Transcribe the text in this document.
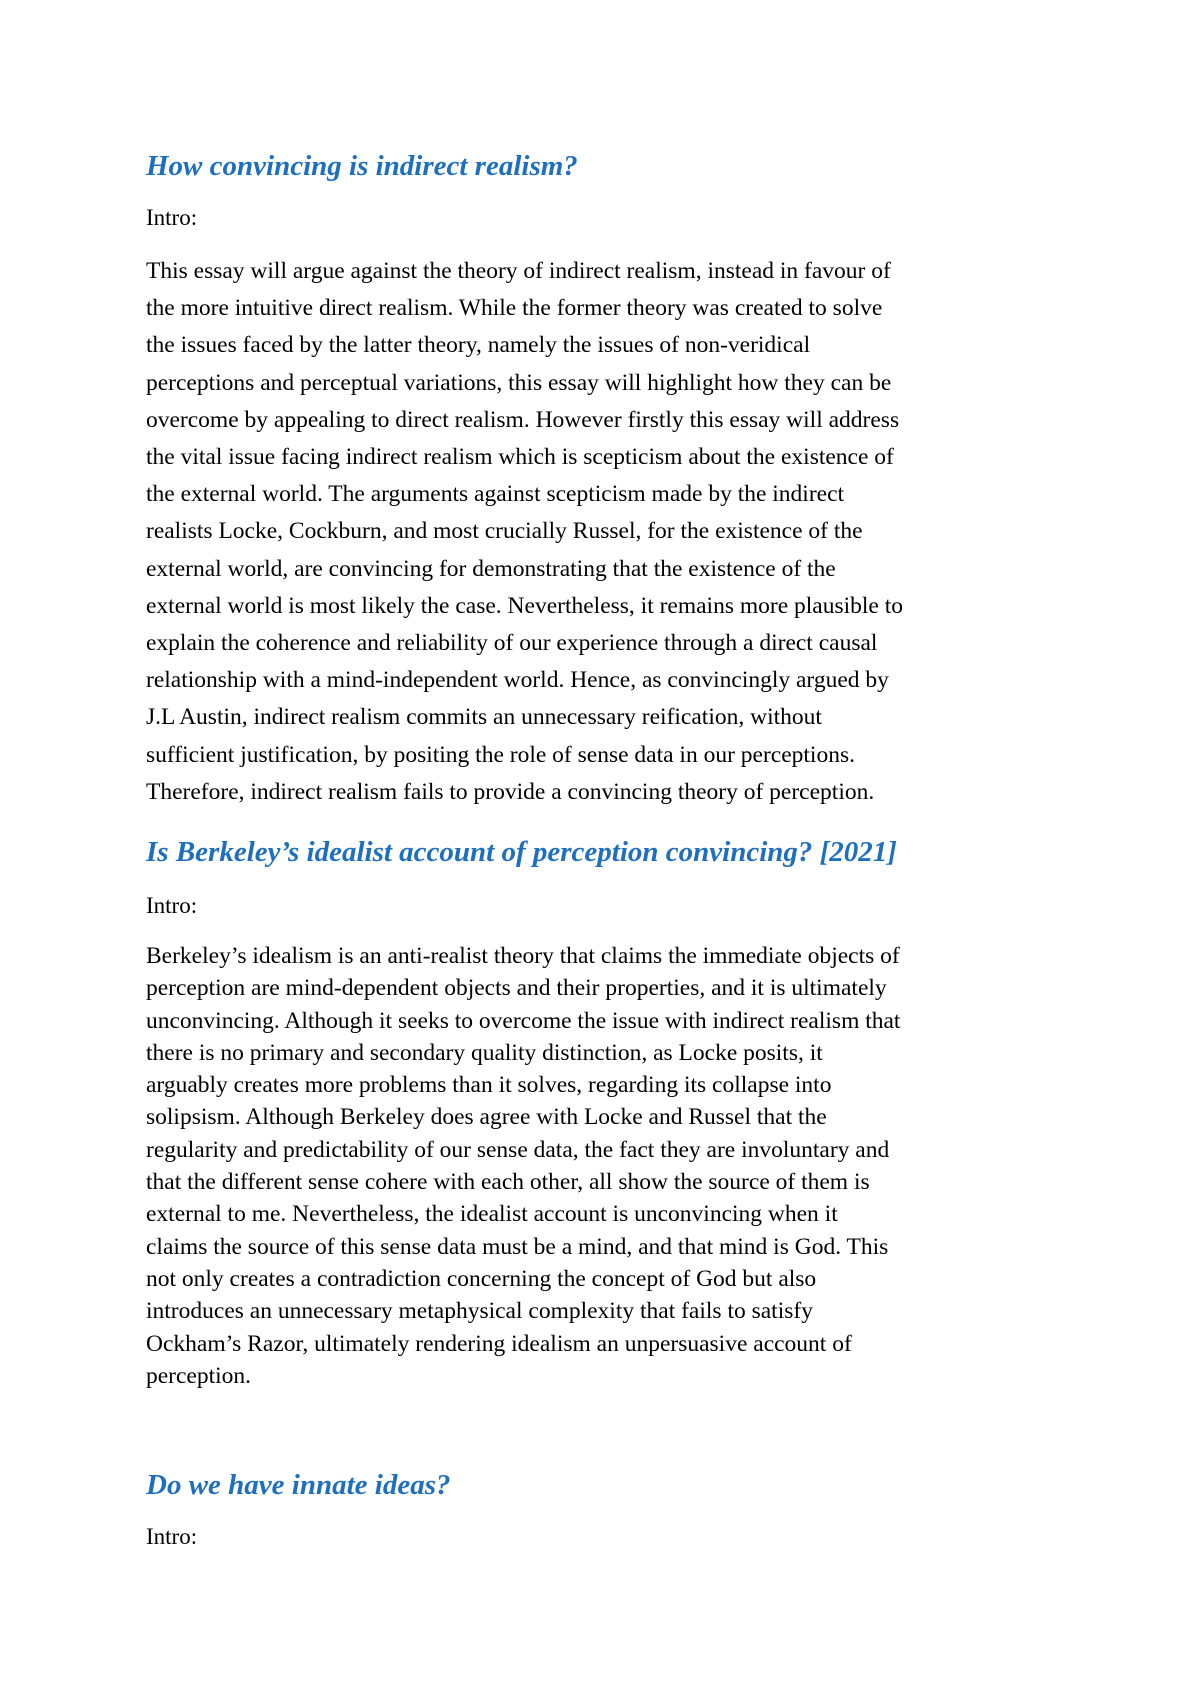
How convincing is indirect realism?

Intro:

This essay will argue against the theory of indirect realism, instead in favour of
the more intuitive direct realism. While the former theory was created to solve
the issues faced by the latter theory, namely the issues of non-veridical
perceptions and perceptual variations, this essay will highlight how they can be
overcome by appealing to direct realism. However firstly this essay will address
the vital issue facing indirect realism which is scepticism about the existence of
the external world. The arguments against scepticism made by the indirect
realists Locke, Cockburn, and most crucially Russel, for the existence of the
external world, are convincing for demonstrating that the existence of the
external world is most likely the case. Nevertheless, it remains more plausible to
explain the coherence and reliability of our experience through a direct causal
relationship with a mind-independent world. Hence, as convincingly argued by
J.L Austin, indirect realism commits an unnecessary reification, without
sufficient justification, by positing the role of sense data in our perceptions.
Therefore, indirect realism fails to provide a convincing theory of perception.
Is Berkeley’s idealist account of perception convincing? [2021]

Intro:

Berkeley’s idealism is an anti-realist theory that claims the immediate objects of
perception are mind-dependent objects and their properties, and it is ultimately
unconvincing. Although it seeks to overcome the issue with indirect realism that
there is no primary and secondary quality distinction, as Locke posits, it
arguably creates more problems than it solves, regarding its collapse into
solipsism. Although Berkeley does agree with Locke and Russel that the
regularity and predictability of our sense data, the fact they are involuntary and
that the different sense cohere with each other, all show the source of them is
external to me. Nevertheless, the idealist account is unconvincing when it
claims the source of this sense data must be a mind, and that mind is God. This
not only creates a contradiction concerning the concept of God but also
introduces an unnecessary metaphysical complexity that fails to satisfy
Ockham’s Razor, ultimately rendering idealism an unpersuasive account of
perception.
Do we have innate ideas?

Intro:
